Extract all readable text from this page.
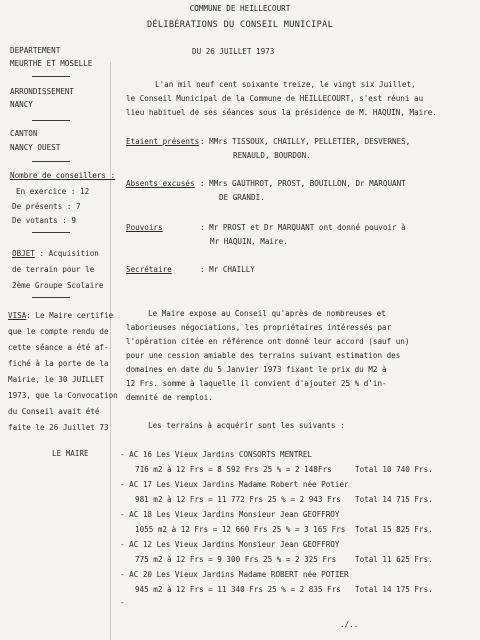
COMMUNE DE HEILLECOURT
DÉLIBÉRATIONS DU CONSEIL MUNICIPAL
DU 26 JUILLET 1973
DEPARTEMENT
MEURTHE ET MOSELLE
ARRONDISSEMENT
NANCY
CANTON
NANCY OUEST
Nombre de conseillers :
En exercice : 12
De présents : 7
De votants : 9
OBJET : Acquisition
de terrain pour le
2ème Groupe Scolaire
VISA: Le Maire certifie
que le compte rendu de
cette séance a été af-
fiché à la porte de la
Mairie, le 30 JUILLET
1973, que la Convocation
du Conseil avait été
faite le 26 Juillet 73
LE MAIRE
L'an mil neuf cent soixante treize, le vingt six Juillet,
le Conseil Municipal de la Commune de HEILLECOURT, s'est réuni au
lieu habituel de ses séances sous la présidence de M. HAQUIN, Maire.
Etaient présents : MMrs TISSOUX, CHAILLY, PELLETIER, DESVERNES,
RENAULD, BOURDON.
Absents excusés : MMrs GAUTHROT, PROST, BOUILLON, Dr MARQUANT
DE GRANDI.
Pouvoirs	: Mr PROST et Dr MARQUANT ont donné pouvoir à
Mr HAQUIN, Maire.
Secrétaire	: Mr CHAILLY
Le Maire expose au Conseil qu'après de nombreuses et
laborieuses négociations, les propriétaires intéressés par
l'opération citée en référence ont donné leur accord (sauf un)
pour une cession amiable des terrains suivant estimation des
domaines en date du 5 Janvier 1973 fixant le prix du M2 à
12 Frs. somme à laquelle il convient d'ajouter 25 % d'in-
demnité de remploi.
Les terrains à acquérir sont les suivants :
- AC 16 Les Vieux Jardins CONSORTS MENTREL
716 m2 à 12 Frs = 8 592 Frs 25 % = 2 148Frs	Total 10 740 Frs.
- AC 17 Les Vieux Jardins Madame Robert née Potier
981 m2 à 12 Frs = 11 772 Frs 25 % = 2 943 Frs Total 14 715 Frs.
- AC 18 Les Vieux Jardins Monsieur Jean GEOFFROY
1055 m2 à 12 Frs = 12 660 Frs 25 % = 3 165 Frs Total 15 825 Frs.
- AC 12 Les Vieux Jardins Monsieur Jean GEOFFROY
775 m2 à 12 Frs = 9 300 Frs 25 % = 2 325 Frs Total 11 625 Frs.
- AC 20 Les Vieux Jardins Madame ROBERT née POTIER
945 m2 à 12 Frs = 11 340 Frs 25 % = 2 835 Frs Total 14 175 Frs.
-
./..
